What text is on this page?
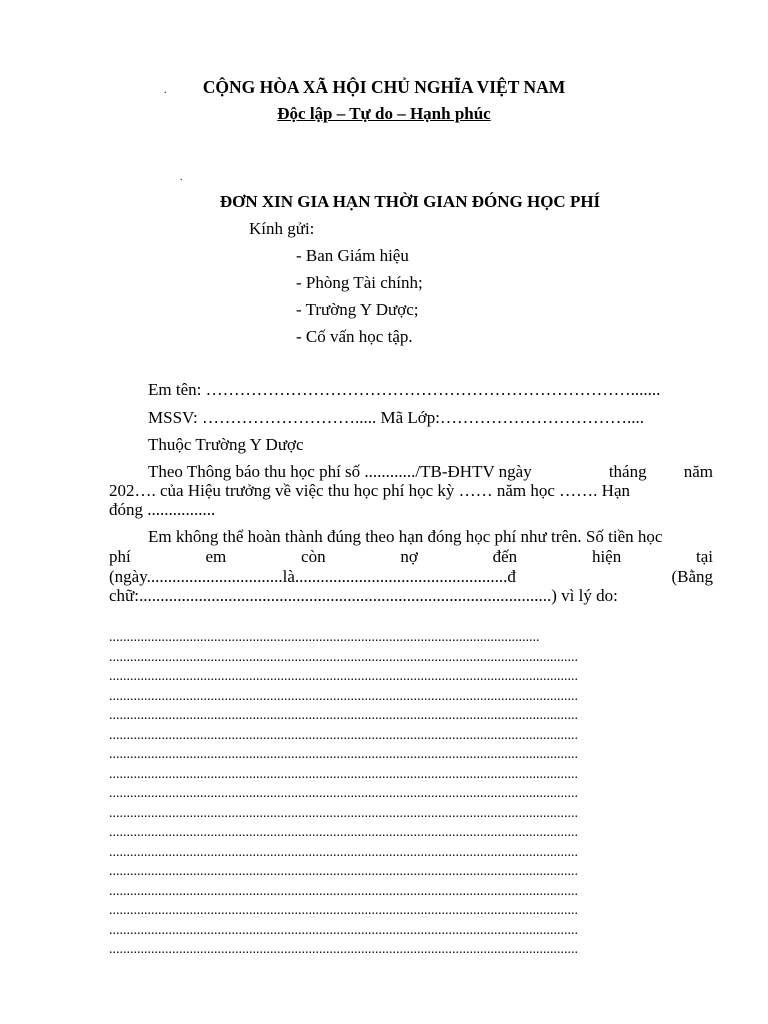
.
.
CỘNG HÒA XÃ HỘI CHỦ NGHĨA VIỆT NAM
Độc lập – Tự do – Hạnh phúc
ĐƠN XIN GIA HẠN THỜI GIAN ĐÓNG HỌC PHÍ
Kính gửi:
- Ban Giám hiệu
- Phòng Tài chính;
- Trường Y Dược;
- Cố vấn học tập.
Em tên: ………………………………………………………………….......
MSSV: ………………………..... Mã Lớp:……………………………....
Thuộc Trường Y Dược
Theo Thông báo thu học phí số ............/TB-ĐHTV ngày	tháng năm
202…. của Hiệu trưởng về việc thu học phí học kỳ …… năm học ……. Hạn
đóng ................
Em không thể hoàn thành đúng theo hạn đóng học phí như trên. Số tiền học
phí	em	còn	nợ	đến	hiện	tại
(ngày................................là..................................................đ	(Bằng
chữ:.................................................................................................) vì lý do:
...........................................................................................................................
......................................................................................................................................
......................................................................................................................................
......................................................................................................................................
......................................................................................................................................
......................................................................................................................................
......................................................................................................................................
......................................................................................................................................
......................................................................................................................................
......................................................................................................................................
......................................................................................................................................
......................................................................................................................................
......................................................................................................................................
......................................................................................................................................
......................................................................................................................................
......................................................................................................................................
......................................................................................................................................
